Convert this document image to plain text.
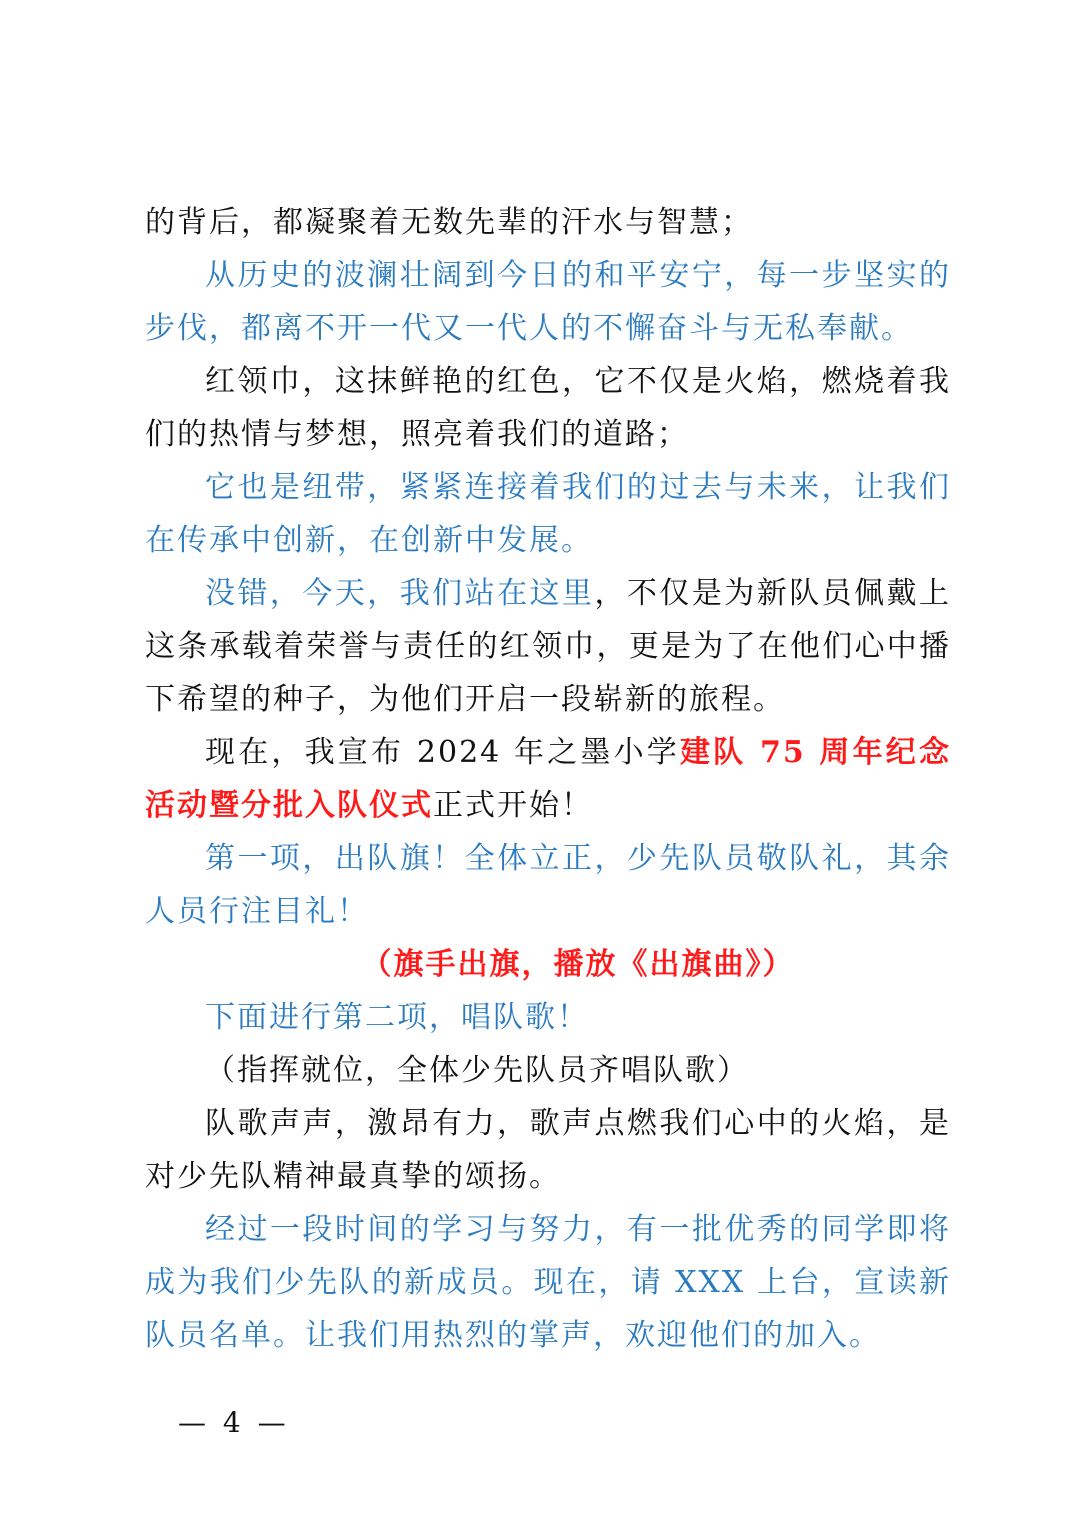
的背后，都凝聚着无数先辈的汗水与智慧；

从历史的波澜壮阔到今日的和平安宁，每一步坚实的步伐，都离不开一代又一代人的不懈奋斗与无私奉献。

红领巾，这抹鲜艳的红色，它不仅是火焰，燃烧着我们的热情与梦想，照亮着我们的道路；

它也是纽带，紧紧连接着我们的过去与未来，让我们在传承中创新，在创新中发展。

没错，今天，我们站在这里，不仅是为新队员佩戴上这条承载着荣誉与责任的红领巾，更是为了在他们心中播下希望的种子，为他们开启一段崭新的旅程。

现在，我宣布 2024 年之墨小学建队 75 周年纪念活动暨分批入队仪式正式开始！

第一项，出队旗！全体立正，少先队员敬队礼，其余人员行注目礼！

（旗手出旗，播放《出旗曲》）

下面进行第二项，唱队歌！

（指挥就位，全体少先队员齐唱队歌）

队歌声声，激昂有力，歌声点燃我们心中的火焰，是对少先队精神最真挚的颂扬。

经过一段时间的学习与努力，有一批优秀的同学即将成为我们少先队的新成员。现在，请 XXX 上台，宣读新队员名单。让我们用热烈的掌声，欢迎他们的加入。

— 4 —
